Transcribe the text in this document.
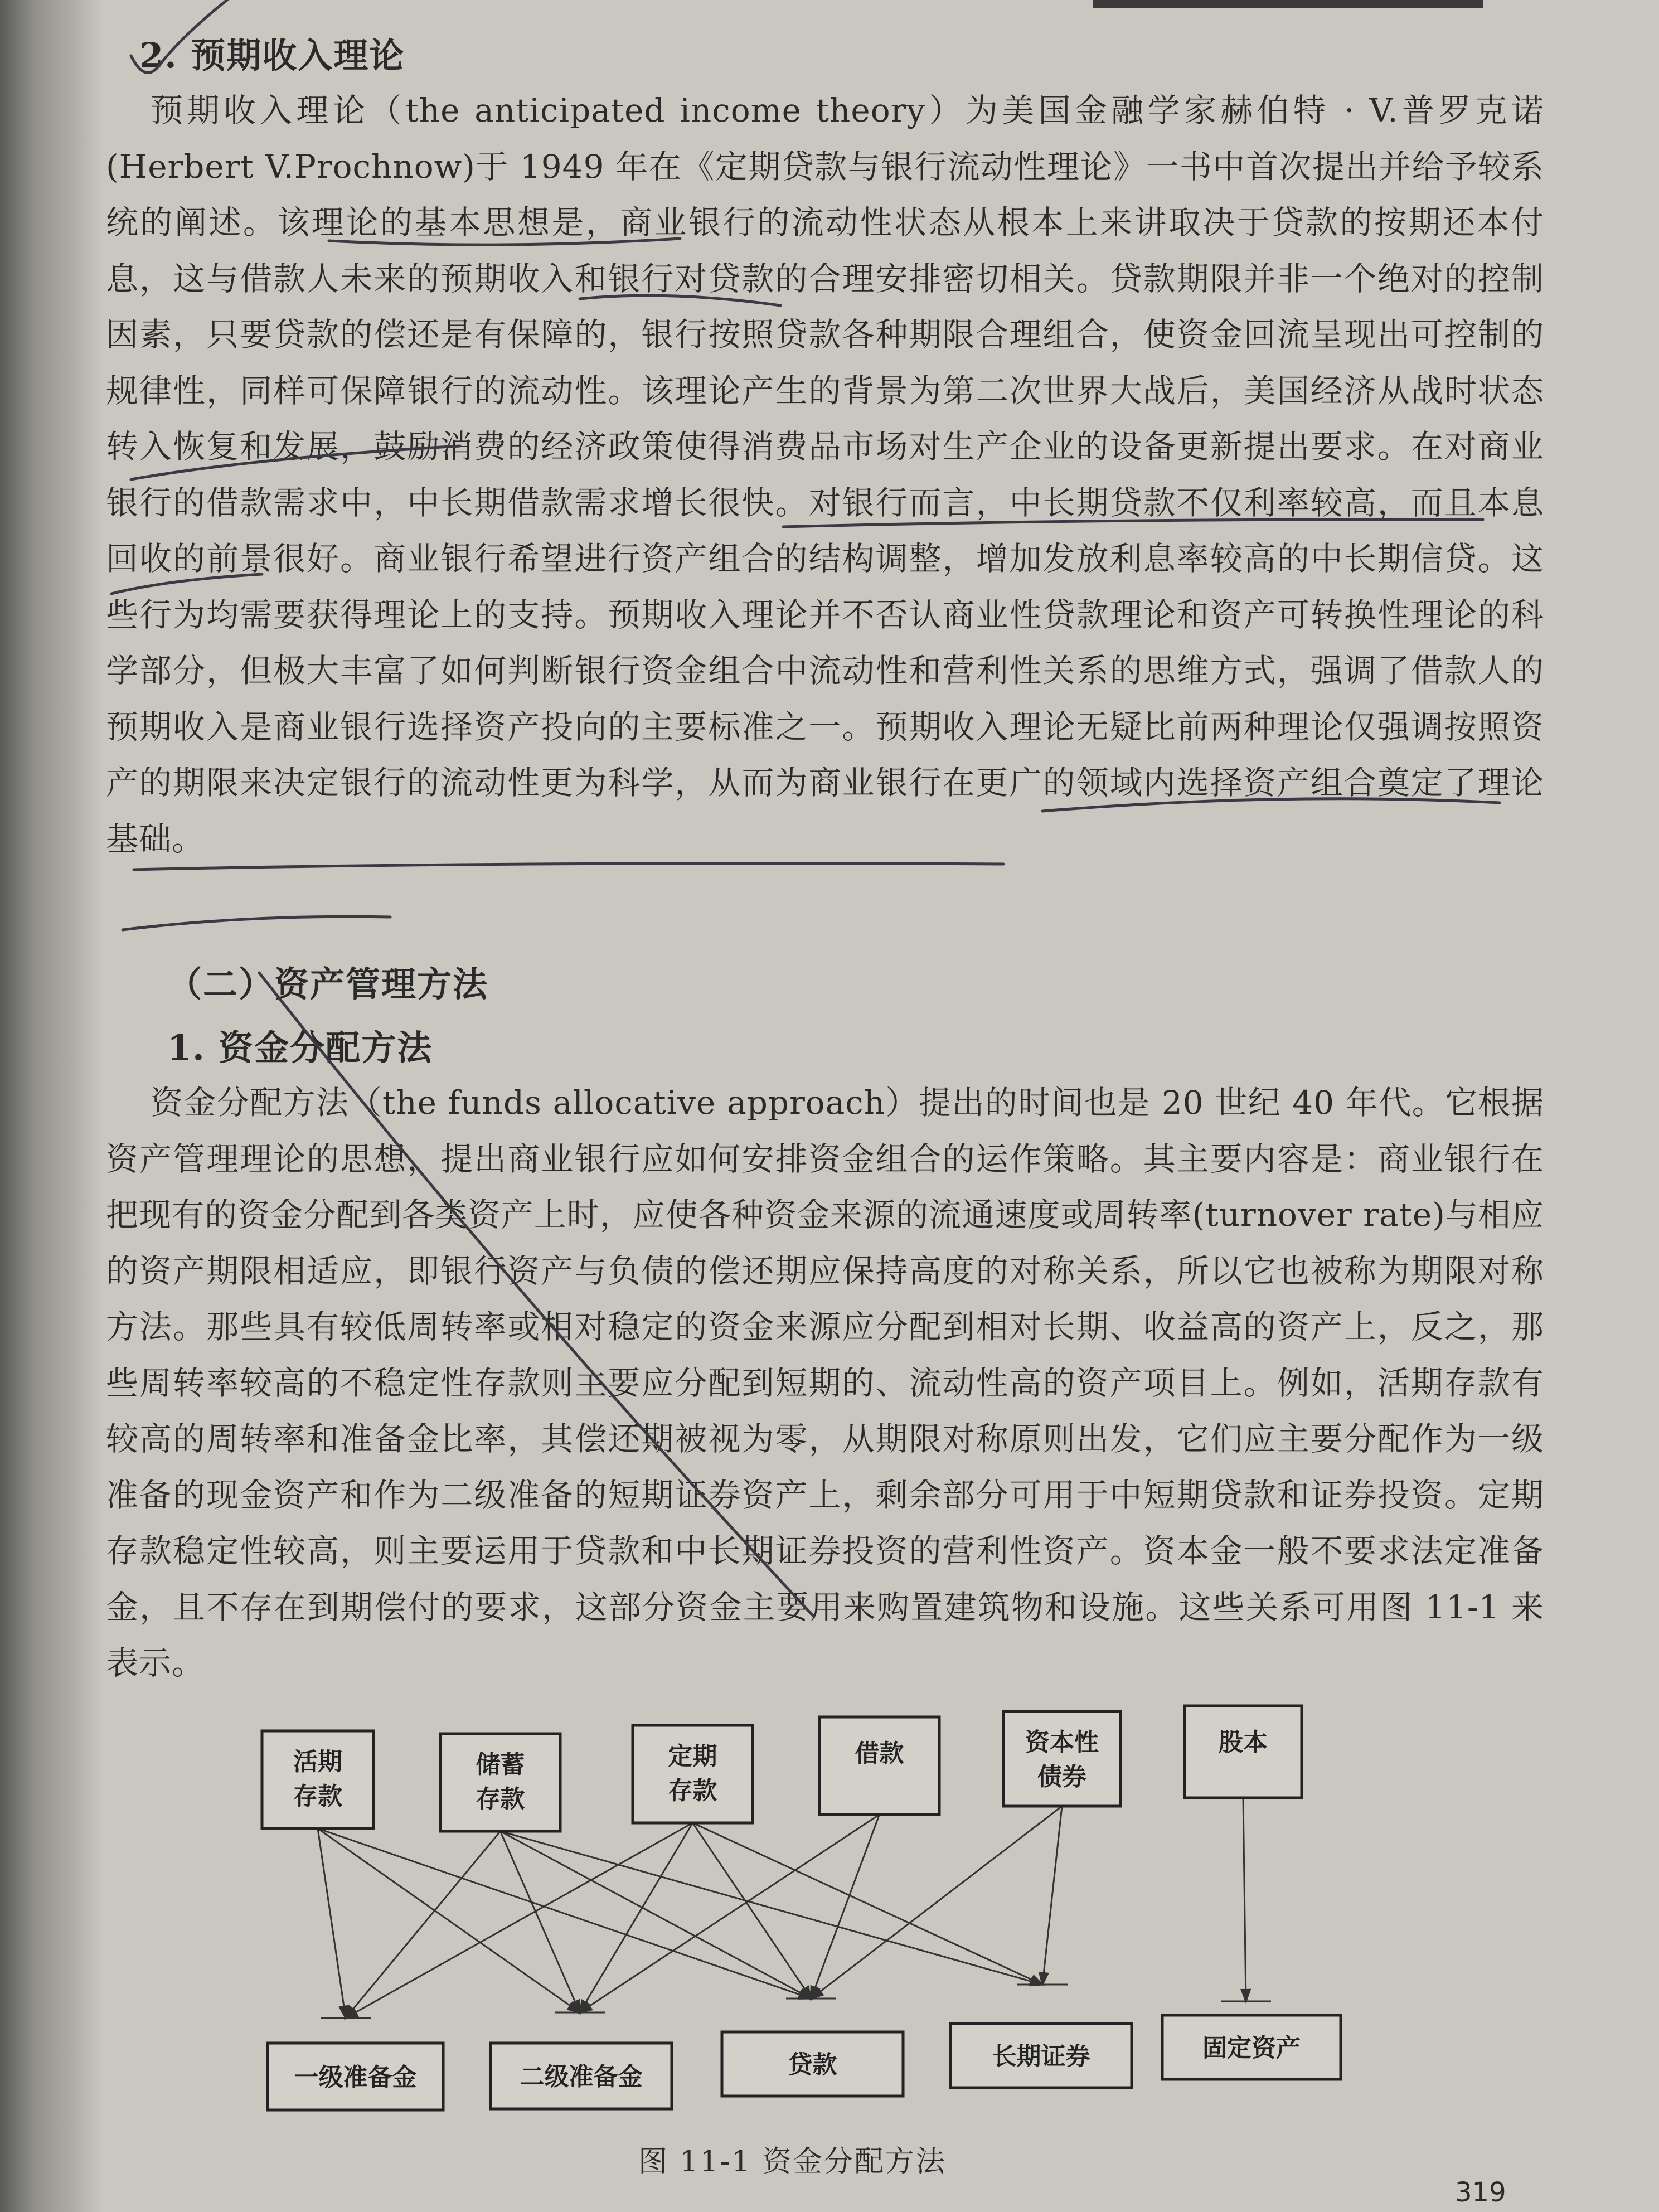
2. 预期收入理论

预期收入理论（the anticipated income theory）为美国金融学家赫伯特 · V.普罗克诺(Herbert V.Prochnow)于 1949 年在《定期贷款与银行流动性理论》一书中首次提出并给予较系统的阐述。该理论的基本思想是，商业银行的流动性状态从根本上来讲取决于贷款的按期还本付息，这与借款人未来的预期收入和银行对贷款的合理安排密切相关。贷款期限并非一个绝对的控制因素，只要贷款的偿还是有保障的，银行按照贷款各种期限合理组合，使资金回流呈现出可控制的规律性，同样可保障银行的流动性。该理论产生的背景为第二次世界大战后，美国经济从战时状态转入恢复和发展，鼓励消费的经济政策使得消费品市场对生产企业的设备更新提出要求。在对商业银行的借款需求中，中长期借款需求增长很快。对银行而言，中长期贷款不仅利率较高，而且本息回收的前景很好。商业银行希望进行资产组合的结构调整，增加发放利息率较高的中长期信贷。这些行为均需要获得理论上的支持。预期收入理论并不否认商业性贷款理论和资产可转换性理论的科学部分，但极大丰富了如何判断银行资金组合中流动性和营利性关系的思维方式，强调了借款人的预期收入是商业银行选择资产投向的主要标准之一。预期收入理论无疑比前两种理论仅强调按照资产的期限来决定银行的流动性更为科学，从而为商业银行在更广的领域内选择资产组合奠定了理论基础。

（二）资产管理方法
1. 资金分配方法

资金分配方法（the funds allocative approach）提出的时间也是 20 世纪 40 年代。它根据资产管理理论的思想，提出商业银行应如何安排资金组合的运作策略。其主要内容是：商业银行在把现有的资金分配到各类资产上时，应使各种资金来源的流通速度或周转率(turnover rate)与相应的资产期限相适应，即银行资产与负债的偿还期应保持高度的对称关系，所以它也被称为期限对称方法。那些具有较低周转率或相对稳定的资金来源应分配到相对长期、收益高的资产上，反之，那些周转率较高的不稳定性存款则主要应分配到短期的、流动性高的资产项目上。例如，活期存款有较高的周转率和准备金比率，其偿还期被视为零，从期限对称原则出发，它们应主要分配作为一级准备的现金资产和作为二级准备的短期证券资产上，剩余部分可用于中短期贷款和证券投资。定期存款稳定性较高，则主要运用于贷款和中长期证券投资的营利性资产。资本金一般不要求法定准备金，且不存在到期偿付的要求，这部分资金主要用来购置建筑物和设施。这些关系可用图 11-1 来表示。

图 11-1 资金分配方法
319
活期
存款
储蓄
存款
定期
存款
借款	资本性
债券
股本
一级准备金	二级准备金	贷款	长期证券	固定资产
